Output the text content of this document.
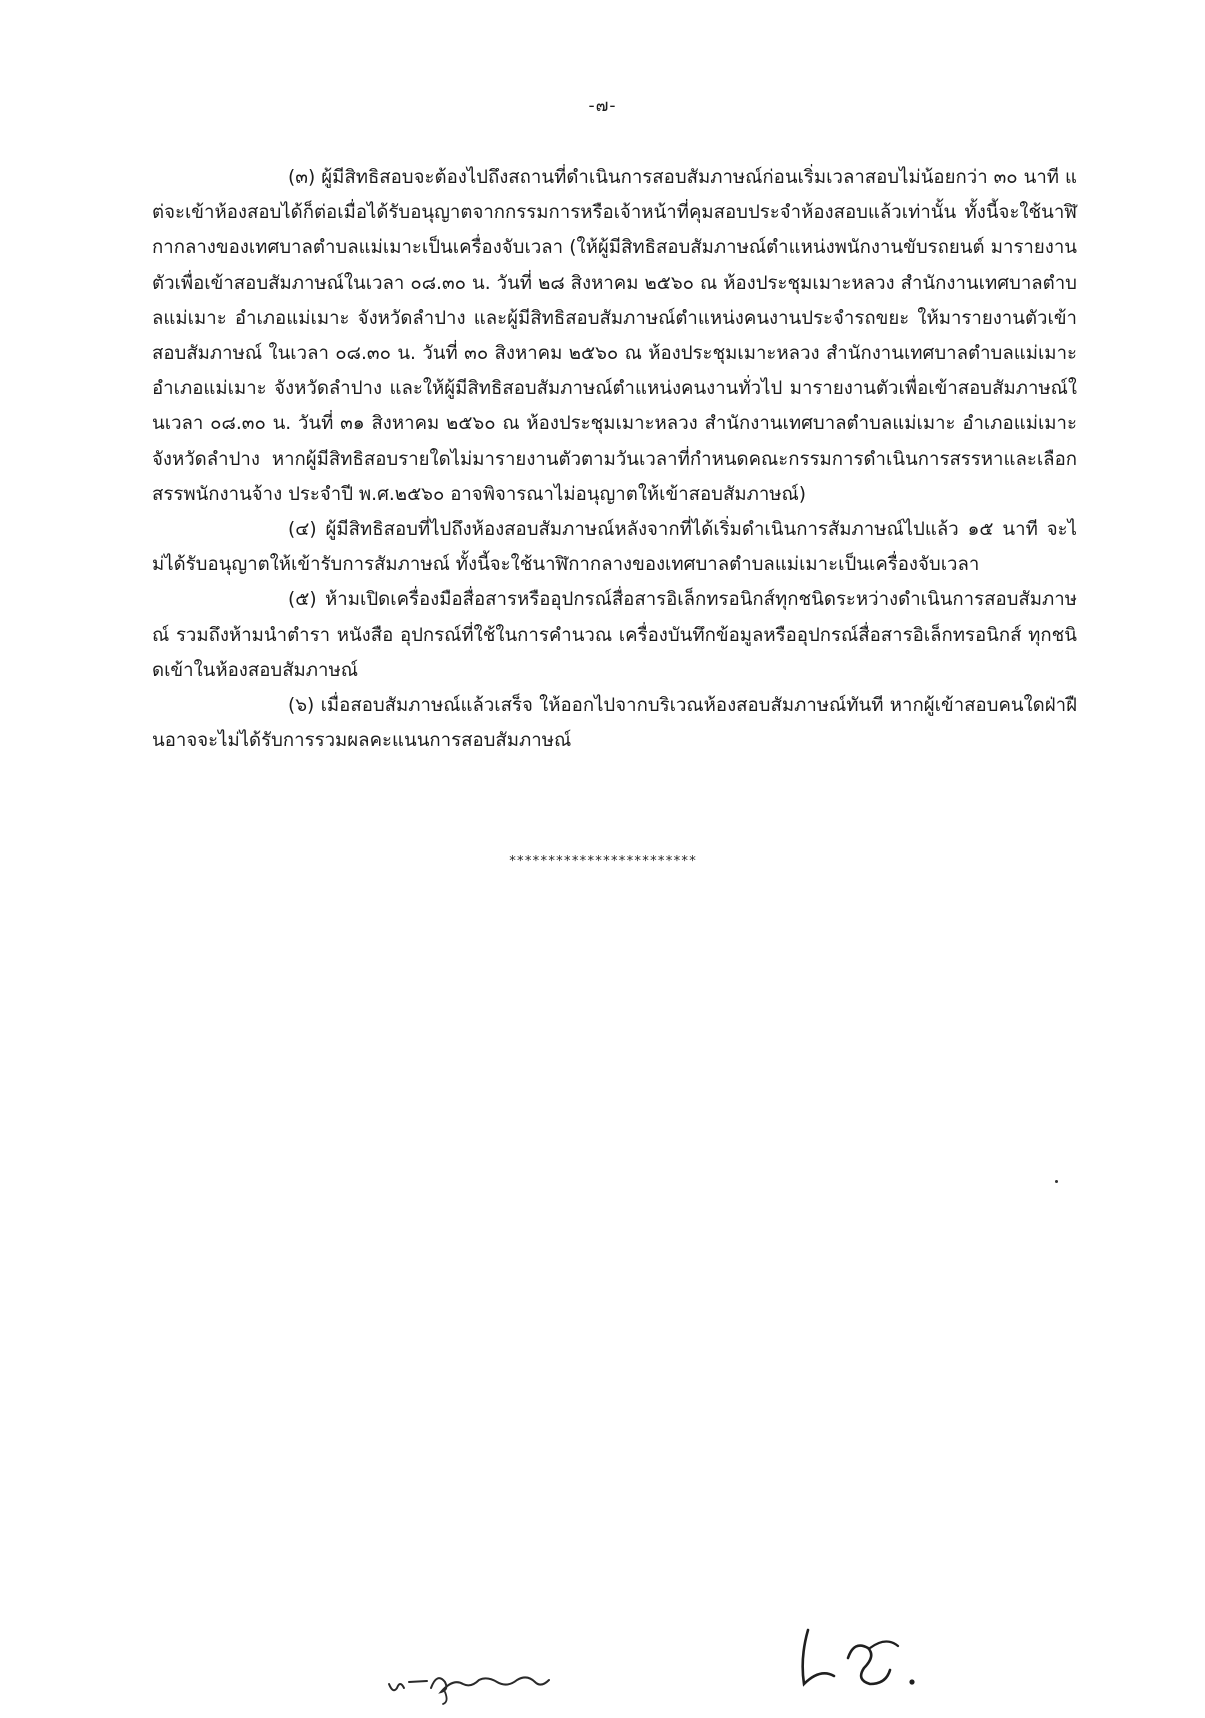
-๗-

(๓) ผู้มีสิทธิสอบจะต้องไปถึงสถานที่ดำเนินการสอบสัมภาษณ์ก่อนเริ่มเวลาสอบไม่น้อยกว่า ๓๐ นาที แต่จะเข้าห้องสอบได้ก็ต่อเมื่อได้รับอนุญาตจากกรรมการหรือเจ้าหน้าที่คุมสอบประจำห้องสอบแล้วเท่านั้น ทั้งนี้จะใช้นาฬิกากลางของเทศบาลตำบลแม่เมาะเป็นเครื่องจับเวลา (ให้ผู้มีสิทธิสอบสัมภาษณ์ตำแหน่งพนักงานขับรถยนต์ มารายงานตัวเพื่อเข้าสอบสัมภาษณ์ในเวลา ๐๘.๓๐ น. วันที่ ๒๘ สิงหาคม ๒๕๖๐ ณ ห้องประชุมเมาะหลวง สำนักงานเทศบาลตำบลแม่เมาะ อำเภอแม่เมาะ จังหวัดลำปาง และผู้มีสิทธิสอบสัมภาษณ์ตำแหน่งคนงานประจำรถขยะ ให้มารายงานตัวเข้าสอบสัมภาษณ์ ในเวลา ๐๘.๓๐ น. วันที่ ๓๐ สิงหาคม ๒๕๖๐ ณ ห้องประชุมเมาะหลวง สำนักงานเทศบาลตำบลแม่เมาะ อำเภอแม่เมาะ จังหวัดลำปาง และให้ผู้มีสิทธิสอบสัมภาษณ์ตำแหน่งคนงานทั่วไป มารายงานตัวเพื่อเข้าสอบสัมภาษณ์ในเวลา ๐๘.๓๐ น. วันที่ ๓๑ สิงหาคม ๒๕๖๐ ณ ห้องประชุมเมาะหลวง สำนักงานเทศบาลตำบลแม่เมาะ อำเภอแม่เมาะ จังหวัดลำปาง หากผู้มีสิทธิสอบรายใดไม่มารายงานตัวตามวันเวลาที่กำหนดคณะกรรมการดำเนินการสรรหาและเลือกสรรพนักงานจ้าง ประจำปี พ.ศ.๒๕๖๐ อาจพิจารณาไม่อนุญาตให้เข้าสอบสัมภาษณ์)

(๔) ผู้มีสิทธิสอบที่ไปถึงห้องสอบสัมภาษณ์หลังจากที่ได้เริ่มดำเนินการสัมภาษณ์ไปแล้ว ๑๕ นาที จะไม่ได้รับอนุญาตให้เข้ารับการสัมภาษณ์ ทั้งนี้จะใช้นาฬิกากลางของเทศบาลตำบลแม่เมาะเป็นเครื่องจับเวลา

(๕) ห้ามเปิดเครื่องมือสื่อสารหรืออุปกรณ์สื่อสารอิเล็กทรอนิกส์ทุกชนิดระหว่างดำเนินการสอบสัมภาษณ์ รวมถึงห้ามนำตำรา หนังสือ อุปกรณ์ที่ใช้ในการคำนวณ เครื่องบันทึกข้อมูลหรืออุปกรณ์สื่อสารอิเล็กทรอนิกส์ ทุกชนิดเข้าในห้องสอบสัมภาษณ์

(๖) เมื่อสอบสัมภาษณ์แล้วเสร็จ ให้ออกไปจากบริเวณห้องสอบสัมภาษณ์ทันที หากผู้เข้าสอบคนใดฝ่าฝืนอาจจะไม่ได้รับการรวมผลคะแนนการสอบสัมภาษณ์

************************
